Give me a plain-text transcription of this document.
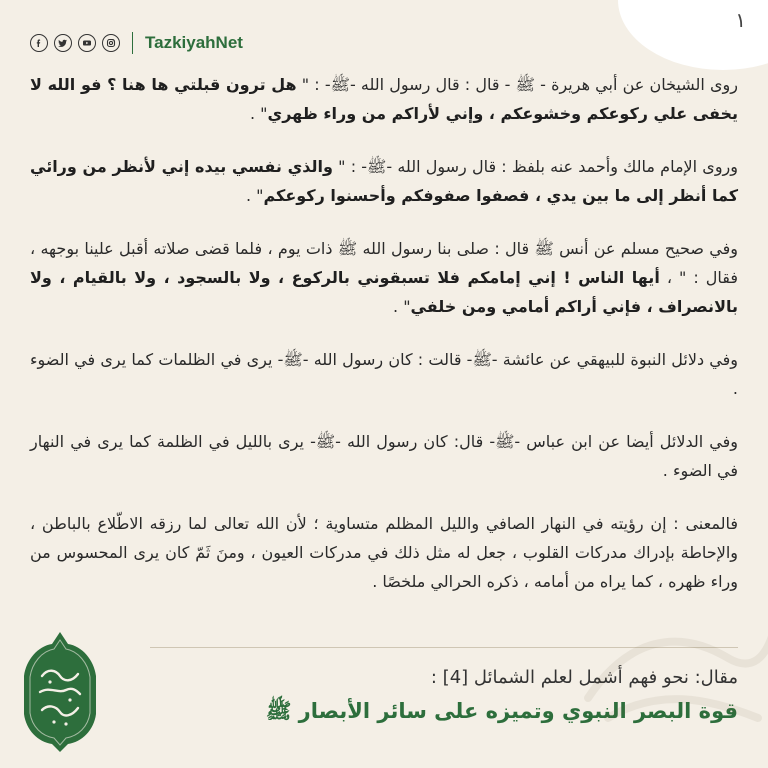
١
TazkiyahNet

روى الشيخان عن أبي هريرة - ﷺ - قال : قال رسول الله -ﷺ- : " هل ترون قبلتي ها هنا ؟ فو الله لا يخفى علي ركوعكم وخشوعكم ، وإني لأراكم من وراء ظهري" .

وروى الإمام مالك وأحمد عنه بلفظ : قال رسول الله -ﷺ- : " والذي نفسي بيده إني لأنظر من ورائي كما أنظر إلى ما بين يدي ، فصفوا صفوفكم وأحسنوا ركوعكم" .

وفي صحيح مسلم عن أنس ﷺ قال : صلى بنا رسول الله ﷺ ذات يوم ، فلما قضى صلاته أقبل علينا بوجهه ، فقال : " ، أيها الناس ! إني إمامكم فلا تسبقوني بالركوع ، ولا بالسجود ، ولا بالقيام ، ولا بالانصراف ، فإني أراكم أمامي ومن خلفي" .

وفي دلائل النبوة للبيهقي عن عائشة -ﷺ- قالت : كان رسول الله -ﷺ- يرى في الظلمات كما يرى في الضوء .

وفي الدلائل أيضا عن ابن عباس -ﷺ- قال: كان رسول الله -ﷺ- يرى بالليل في الظلمة كما يرى في النهار في الضوء .

فالمعنى : إن رؤيته في النهار الصافي والليل المظلم متساوية ؛ لأن الله تعالى لما رزقه الاطّلاع بالباطن ، والإحاطة بإدراك مدركات القلوب ، جعل له مثل ذلك في مدركات العيون ، ومنَ ثَمّ كان يرى المحسوس من وراء ظهره ، كما يراه من أمامه ، ذكره الحرالي ملخصًا .

مقال: نحو فهم أشمل لعلم الشمائل [4] :
قوة البصر النبوي وتميزه على سائر الأبصار ﷺ
